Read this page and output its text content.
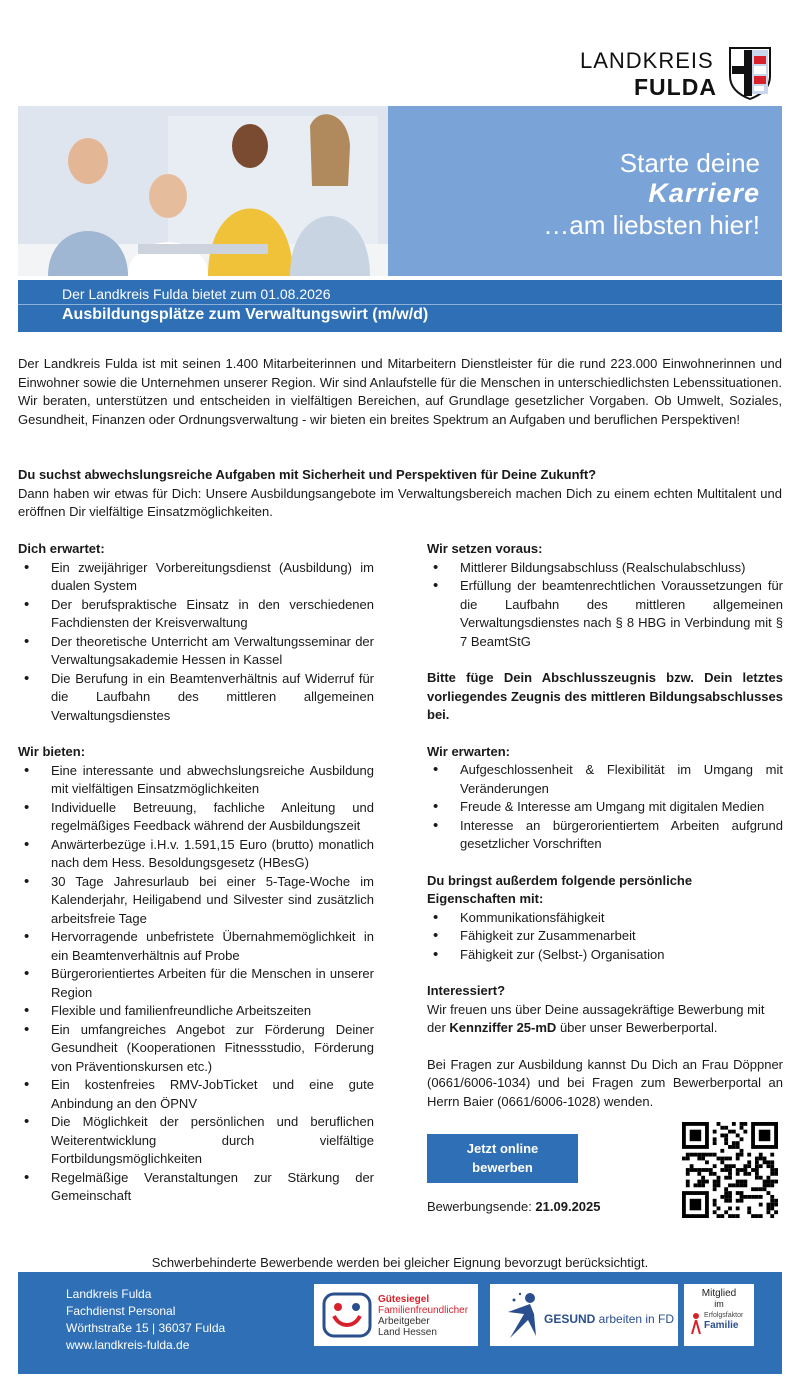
LANDKREIS
FULDA
Starte deine
Karriere
…am liebsten hier!
Der Landkreis Fulda bietet zum 01.08.2026
Ausbildungsplätze zum Verwaltungswirt (m/w/d)

Der Landkreis Fulda ist mit seinen 1.400 Mitarbeiterinnen und Mitarbeitern Dienstleister für die rund 223.000 Einwohnerinnen und Einwohner sowie die Unternehmen unserer Region. Wir sind Anlaufstelle für die Menschen in unterschiedlichsten Lebenssituationen. Wir beraten, unterstützen und entscheiden in vielfältigen Bereichen, auf Grundlage gesetzlicher Vorgaben. Ob Umwelt, Soziales, Gesundheit, Finanzen oder Ordnungsverwaltung - wir bieten ein breites Spektrum an Aufgaben und beruflichen Perspektiven!

Du suchst abwechslungsreiche Aufgaben mit Sicherheit und Perspektiven für Deine Zukunft?
Dann haben wir etwas für Dich: Unsere Ausbildungsangebote im Verwaltungsbereich machen Dich zu einem echten Multitalent und eröffnen Dir vielfältige Einsatzmöglichkeiten.
Dich erwartet:
• Ein zweijähriger Vorbereitungsdienst (Ausbildung) im dualen System
• Der berufspraktische Einsatz in den verschiedenen Fachdiensten der Kreisverwaltung
• Der theoretische Unterricht am Verwaltungsseminar der Verwaltungsakademie Hessen in Kassel
• Die Berufung in ein Beamtenverhältnis auf Widerruf für die Laufbahn des mittleren allgemeinen Verwaltungsdienstes
Wir bieten:
• Eine interessante und abwechslungsreiche Ausbildung mit vielfältigen Einsatzmöglichkeiten
• Individuelle Betreuung, fachliche Anleitung und regelmäßiges Feedback während der Ausbildungszeit
• Anwärterbezüge i.H.v. 1.591,15 Euro (brutto) monatlich nach dem Hess. Besoldungsgesetz (HBesG)
• 30 Tage Jahresurlaub bei einer 5-Tage-Woche im Kalenderjahr, Heiligabend und Silvester sind zusätzlich arbeitsfreie Tage
• Hervorragende unbefristete Übernahmemöglichkeit in ein Beamtenverhältnis auf Probe
• Bürgerorientiertes Arbeiten für die Menschen in unserer Region
• Flexible und familienfreundliche Arbeitszeiten
• Ein umfangreiches Angebot zur Förderung Deiner Gesundheit (Kooperationen Fitnessstudio, Förderung von Präventionskursen etc.)
• Ein kostenfreies RMV-JobTicket und eine gute Anbindung an den ÖPNV
• Die Möglichkeit der persönlichen und beruflichen Weiterentwicklung durch vielfältige Fortbildungsmöglichkeiten
• Regelmäßige Veranstaltungen zur Stärkung der Gemeinschaft
Wir setzen voraus:
• Mittlerer Bildungsabschluss (Realschulabschluss)
• Erfüllung der beamtenrechtlichen Voraussetzungen für die Laufbahn des mittleren allgemeinen Verwaltungsdienstes nach § 8 HBG in Verbindung mit § 7 BeamtStG
Bitte füge Dein Abschlusszeugnis bzw. Dein letztes vorliegendes Zeugnis des mittleren Bildungsabschlusses bei.
Wir erwarten:
• Aufgeschlossenheit & Flexibilität im Umgang mit Veränderungen
• Freude & Interesse am Umgang mit digitalen Medien
• Interesse an bürgerorientiertem Arbeiten aufgrund gesetzlicher Vorschriften
Du bringst außerdem folgende persönliche Eigenschaften mit:
• Kommunikationsfähigkeit
• Fähigkeit zur Zusammenarbeit
• Fähigkeit zur (Selbst-) Organisation
Interessiert?
Wir freuen uns über Deine aussagekräftige Bewerbung mit der Kennziffer 25-mD über unser Bewerberportal.
Bei Fragen zur Ausbildung kannst Du Dich an Frau Döppner (0661/6006-1034) und bei Fragen zum Bewerberportal an Herrn Baier (0661/6006-1028) wenden.
Jetzt online
bewerben
Bewerbungsende: 21.09.2025
Schwerbehinderte Bewerbende werden bei gleicher Eignung bevorzugt berücksichtigt.
Landkreis Fulda
Fachdienst Personal
Wörthstraße 15 | 36037 Fulda
www.landkreis-fulda.de
Gütesiegel
Familienfreundlicher
Arbeitgeber
Land Hessen
GESUND arbeiten in FD
Mitglied
im
Erfolgsfaktor
Familie
